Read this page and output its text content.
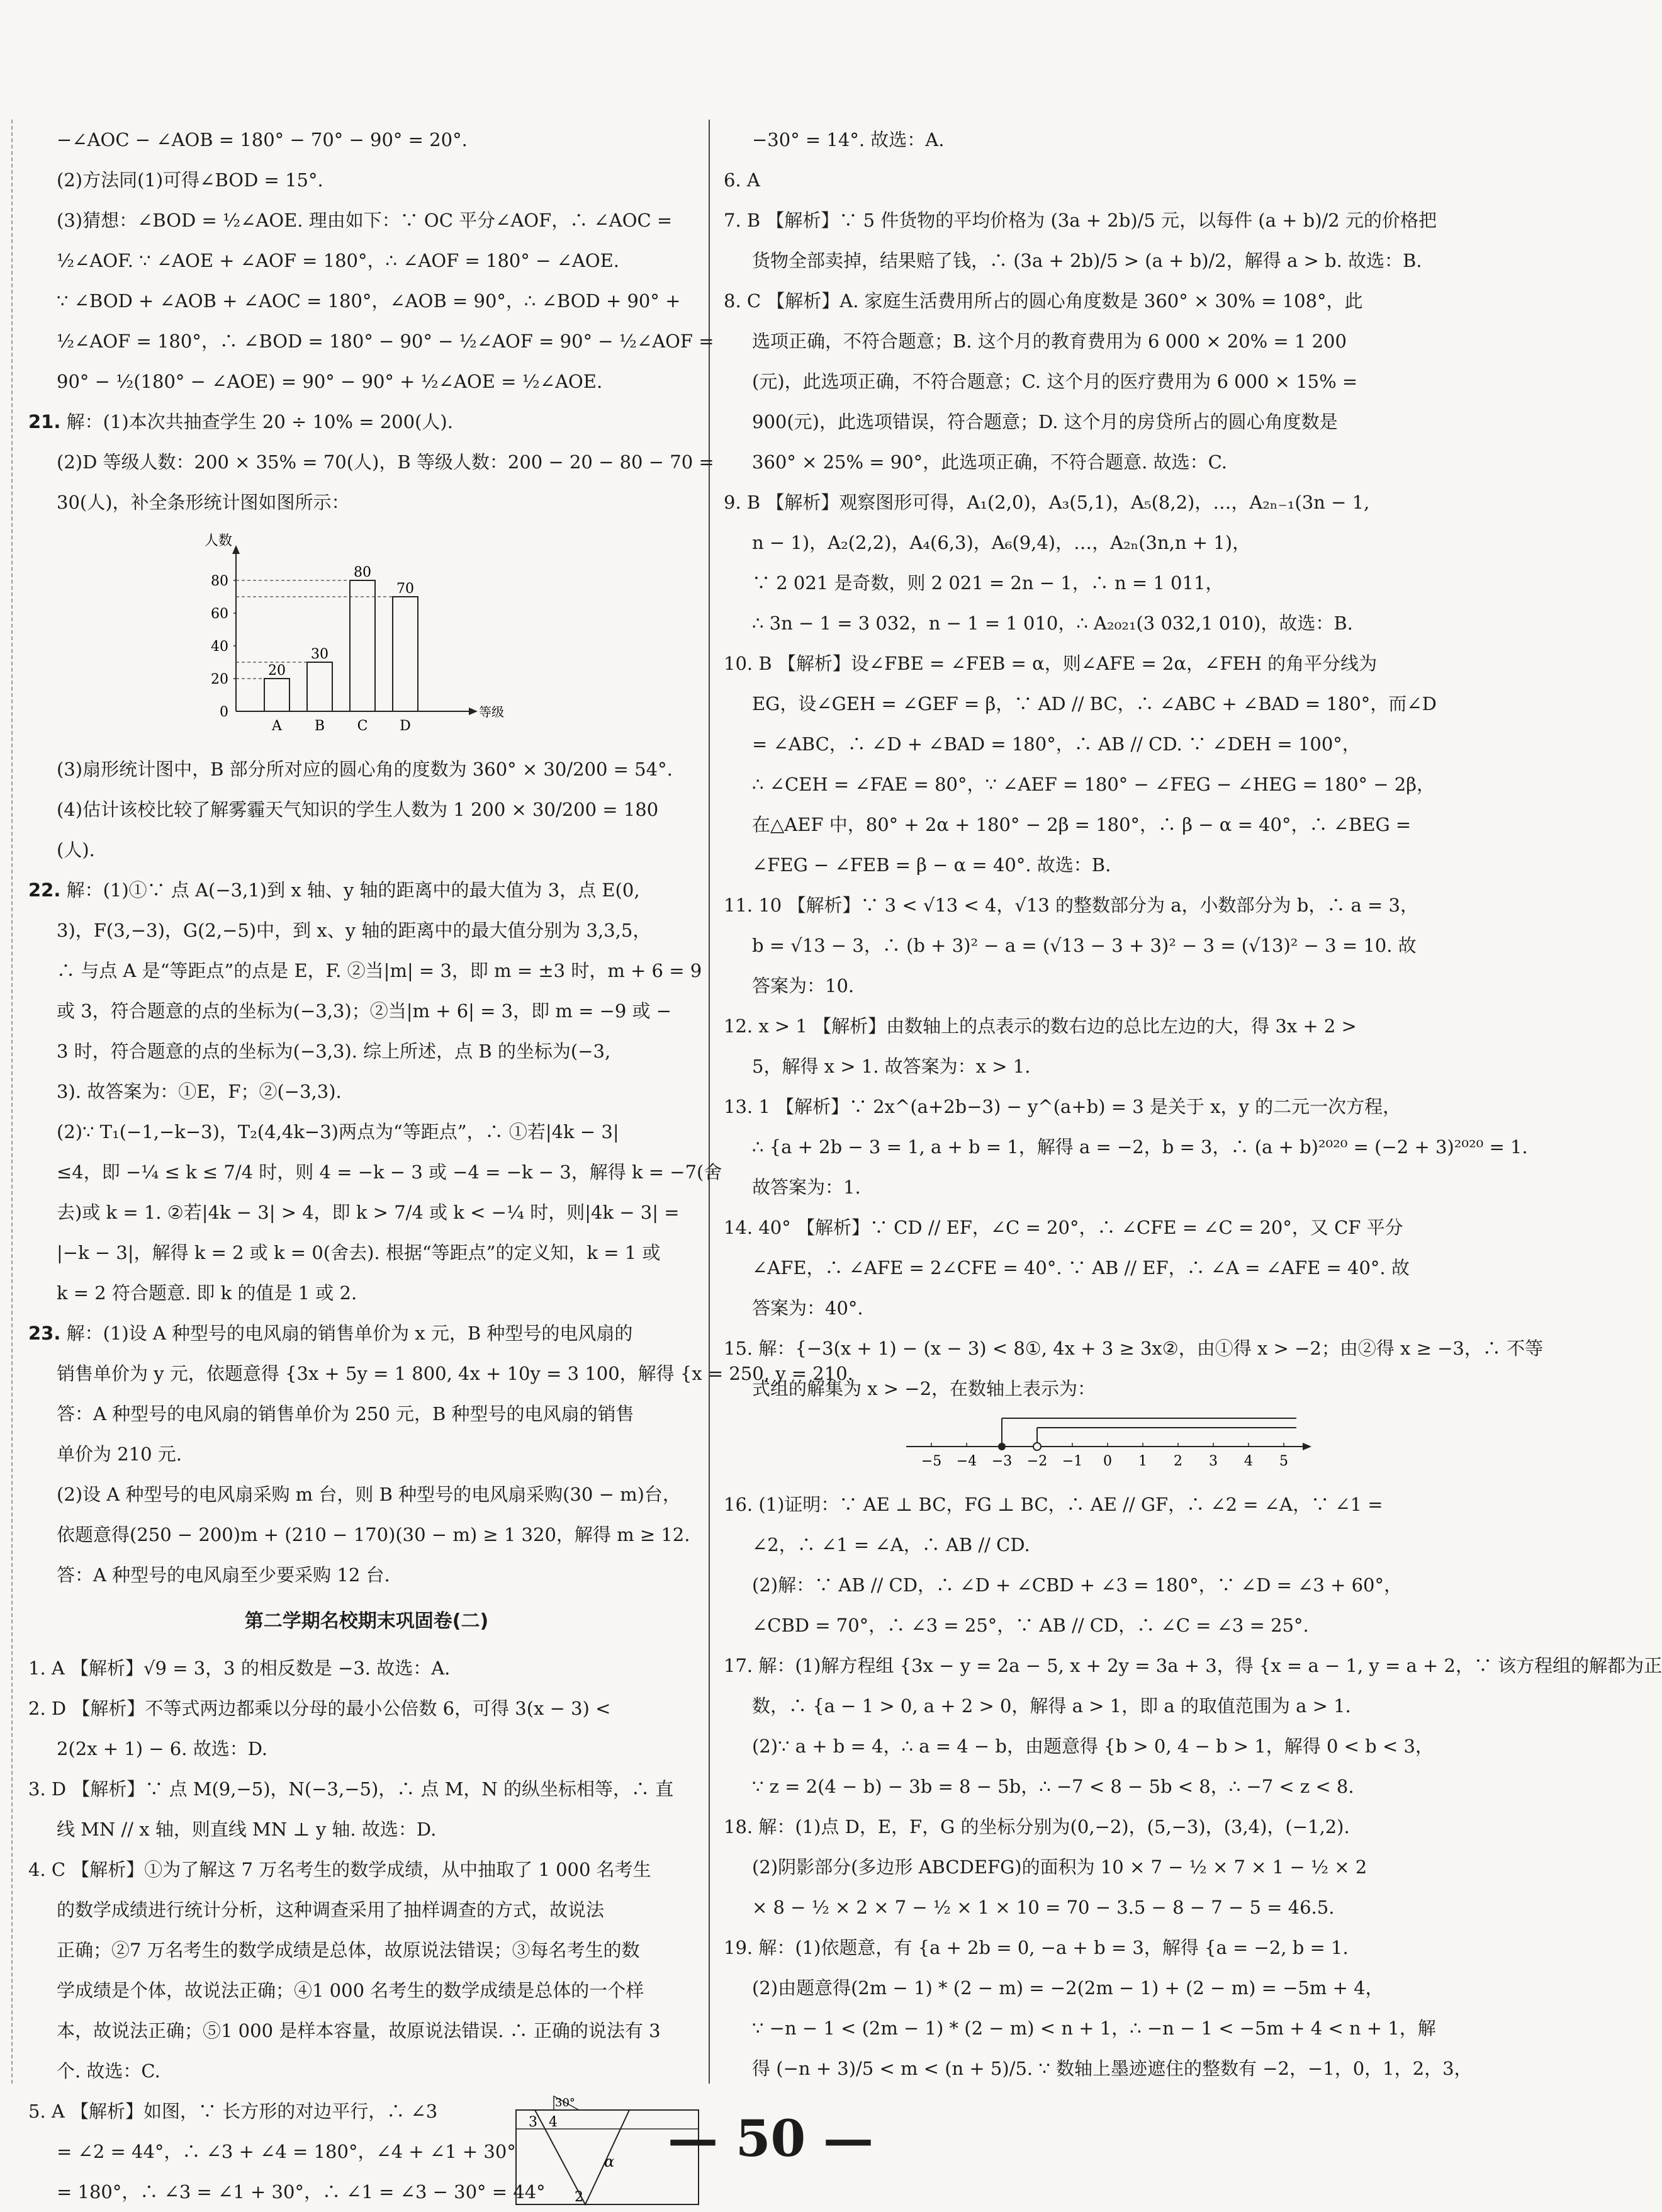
−∠AOC − ∠AOB = 180° − 70° − 90° = 20°.
(2)方法同(1)可得∠BOD = 15°.
(3)猜想：∠BOD = ½∠AOE. 理由如下：∵ OC 平分∠AOF，∴ ∠AOC =
½∠AOF. ∵ ∠AOE + ∠AOF = 180°，∴ ∠AOF = 180° − ∠AOE.
∵ ∠BOD + ∠AOB + ∠AOC = 180°，∠AOB = 90°，∴ ∠BOD + 90° +
½∠AOF = 180°，∴ ∠BOD = 180° − 90° − ½∠AOF = 90° − ½∠AOF =
90° − ½(180° − ∠AOE) = 90° − 90° + ½∠AOE = ½∠AOE.
21. 解：(1)本次共抽查学生 20 ÷ 10% = 200(人).
(2)D 等级人数：200 × 35% = 70(人)，B 等级人数：200 − 20 − 80 − 70 =
30(人)，补全条形统计图如图所示：
人数
等级
0
20
40
60
80
20
A
30
B
80
C
70
D
(3)扇形统计图中，B 部分所对应的圆心角的度数为 360° × 30/200 = 54°.
(4)估计该校比较了解雾霾天气知识的学生人数为 1 200 × 30/200 = 180
(人).
22. 解：(1)①∵ 点 A(−3,1)到 x 轴、y 轴的距离中的最大值为 3，点 E(0,
3)，F(3,−3)，G(2,−5)中，到 x、y 轴的距离中的最大值分别为 3,3,5，
∴ 与点 A 是“等距点”的点是 E，F. ②当|m| = 3，即 m = ±3 时，m + 6 = 9
或 3，符合题意的点的坐标为(−3,3)；②当|m + 6| = 3，即 m = −9 或 −
3 时，符合题意的点的坐标为(−3,3). 综上所述，点 B 的坐标为(−3,
3). 故答案为：①E，F；②(−3,3).
(2)∵ T₁(−1,−k−3)，T₂(4,4k−3)两点为“等距点”，∴ ①若|4k − 3|
≤4，即 −¼ ≤ k ≤ 7/4 时，则 4 = −k − 3 或 −4 = −k − 3，解得 k = −7(舍
去)或 k = 1. ②若|4k − 3| > 4，即 k > 7/4 或 k < −¼ 时，则|4k − 3| =
|−k − 3|，解得 k = 2 或 k = 0(舍去). 根据“等距点”的定义知，k = 1 或
k = 2 符合题意. 即 k 的值是 1 或 2.
23. 解：(1)设 A 种型号的电风扇的销售单价为 x 元，B 种型号的电风扇的
销售单价为 y 元，依题意得 {3x + 5y = 1 800, 4x + 10y = 3 100，解得 {x = 250, y = 210.
答：A 种型号的电风扇的销售单价为 250 元，B 种型号的电风扇的销售
单价为 210 元.
(2)设 A 种型号的电风扇采购 m 台，则 B 种型号的电风扇采购(30 − m)台，
依题意得(250 − 200)m + (210 − 170)(30 − m) ≥ 1 320，解得 m ≥ 12.
答：A 种型号的电风扇至少要采购 12 台.
第二学期名校期末巩固卷(二)
1. A 【解析】√9 = 3，3 的相反数是 −3. 故选：A.
2. D 【解析】不等式两边都乘以分母的最小公倍数 6，可得 3(x − 3) <
2(2x + 1) − 6. 故选：D.
3. D 【解析】∵ 点 M(9,−5)，N(−3,−5)，∴ 点 M，N 的纵坐标相等，∴ 直
线 MN // x 轴，则直线 MN ⊥ y 轴. 故选：D.
4. C 【解析】①为了解这 7 万名考生的数学成绩，从中抽取了 1 000 名考生
的数学成绩进行统计分析，这种调查采用了抽样调查的方式，故说法
正确；②7 万名考生的数学成绩是总体，故原说法错误；③每名考生的数
学成绩是个体，故说法正确；④1 000 名考生的数学成绩是总体的一个样
本，故说法正确；⑤1 000 是样本容量，故原说法错误. ∴ 正确的说法有 3
个. 故选：C.
5. A 【解析】如图，∵ 长方形的对边平行，∴ ∠3
= ∠2 = 44°，∴ ∠3 + ∠4 = 180°，∠4 + ∠1 + 30°
= 180°，∴ ∠3 = ∠1 + 30°，∴ ∠1 = ∠3 − 30° = 44°
30°
3 4
2
α
−30° = 14°. 故选：A.
6. A
7. B 【解析】∵ 5 件货物的平均价格为 (3a + 2b)/5 元，以每件 (a + b)/2 元的价格把
货物全部卖掉，结果赔了钱，∴ (3a + 2b)/5 > (a + b)/2，解得 a > b. 故选：B.
8. C 【解析】A. 家庭生活费用所占的圆心角度数是 360° × 30% = 108°，此
选项正确，不符合题意；B. 这个月的教育费用为 6 000 × 20% = 1 200
(元)，此选项正确，不符合题意；C. 这个月的医疗费用为 6 000 × 15% =
900(元)，此选项错误，符合题意；D. 这个月的房贷所占的圆心角度数是
360° × 25% = 90°，此选项正确，不符合题意. 故选：C.
9. B 【解析】观察图形可得，A₁(2,0)，A₃(5,1)，A₅(8,2)，…，A₂ₙ₋₁(3n − 1,
n − 1)，A₂(2,2)，A₄(6,3)，A₆(9,4)，…，A₂ₙ(3n,n + 1)，
∵ 2 021 是奇数，则 2 021 = 2n − 1，∴ n = 1 011，
∴ 3n − 1 = 3 032，n − 1 = 1 010，∴ A₂₀₂₁(3 032,1 010)，故选：B.
10. B 【解析】设∠FBE = ∠FEB = α，则∠AFE = 2α，∠FEH 的角平分线为
EG，设∠GEH = ∠GEF = β，∵ AD // BC，∴ ∠ABC + ∠BAD = 180°，而∠D
= ∠ABC，∴ ∠D + ∠BAD = 180°，∴ AB // CD. ∵ ∠DEH = 100°，
∴ ∠CEH = ∠FAE = 80°，∵ ∠AEF = 180° − ∠FEG − ∠HEG = 180° − 2β，
在△AEF 中，80° + 2α + 180° − 2β = 180°，∴ β − α = 40°，∴ ∠BEG =
∠FEG − ∠FEB = β − α = 40°. 故选：B.
11. 10 【解析】∵ 3 < √13 < 4，√13 的整数部分为 a，小数部分为 b，∴ a = 3，
b = √13 − 3，∴ (b + 3)² − a = (√13 − 3 + 3)² − 3 = (√13)² − 3 = 10. 故
答案为：10.
12. x > 1 【解析】由数轴上的点表示的数右边的总比左边的大，得 3x + 2 >
5，解得 x > 1. 故答案为：x > 1.
13. 1 【解析】∵ 2x^(a+2b−3) − y^(a+b) = 3 是关于 x，y 的二元一次方程，
∴ {a + 2b − 3 = 1, a + b = 1，解得 a = −2，b = 3，∴ (a + b)²⁰²⁰ = (−2 + 3)²⁰²⁰ = 1.
故答案为：1.
14. 40° 【解析】∵ CD // EF，∠C = 20°，∴ ∠CFE = ∠C = 20°，又 CF 平分
∠AFE，∴ ∠AFE = 2∠CFE = 40°. ∵ AB // EF，∴ ∠A = ∠AFE = 40°. 故
答案为：40°.
15. 解：{−3(x + 1) − (x − 3) < 8①, 4x + 3 ≥ 3x②，由①得 x > −2；由②得 x ≥ −3，∴ 不等
式组的解集为 x > −2，在数轴上表示为：
−5 −4 −3 −2 −1 0 1 2 3 4 5
16. (1)证明：∵ AE ⊥ BC，FG ⊥ BC，∴ AE // GF，∴ ∠2 = ∠A，∵ ∠1 =
∠2，∴ ∠1 = ∠A，∴ AB // CD.
(2)解：∵ AB // CD，∴ ∠D + ∠CBD + ∠3 = 180°，∵ ∠D = ∠3 + 60°，
∠CBD = 70°，∴ ∠3 = 25°，∵ AB // CD，∴ ∠C = ∠3 = 25°.
17. 解：(1)解方程组 {3x − y = 2a − 5, x + 2y = 3a + 3，得 {x = a − 1, y = a + 2，∵ 该方程组的解都为正
数，∴ {a − 1 > 0, a + 2 > 0，解得 a > 1，即 a 的取值范围为 a > 1.
(2)∵ a + b = 4，∴ a = 4 − b，由题意得 {b > 0, 4 − b > 1，解得 0 < b < 3，
∵ z = 2(4 − b) − 3b = 8 − 5b，∴ −7 < 8 − 5b < 8，∴ −7 < z < 8.
18. 解：(1)点 D，E，F，G 的坐标分别为(0,−2)，(5,−3)，(3,4)，(−1,2).
(2)阴影部分(多边形 ABCDEFG)的面积为 10 × 7 − ½ × 7 × 1 − ½ × 2
× 8 − ½ × 2 × 7 − ½ × 1 × 10 = 70 − 3.5 − 8 − 7 − 5 = 46.5.
19. 解：(1)依题意，有 {a + 2b = 0, −a + b = 3，解得 {a = −2, b = 1.
(2)由题意得(2m − 1) * (2 − m) = −2(2m − 1) + (2 − m) = −5m + 4，
∵ −n − 1 < (2m − 1) * (2 − m) < n + 1，∴ −n − 1 < −5m + 4 < n + 1，解
得 (−n + 3)/5 < m < (n + 5)/5. ∵ 数轴上墨迹遮住的整数有 −2，−1，0，1，2，3，
— 50 —
